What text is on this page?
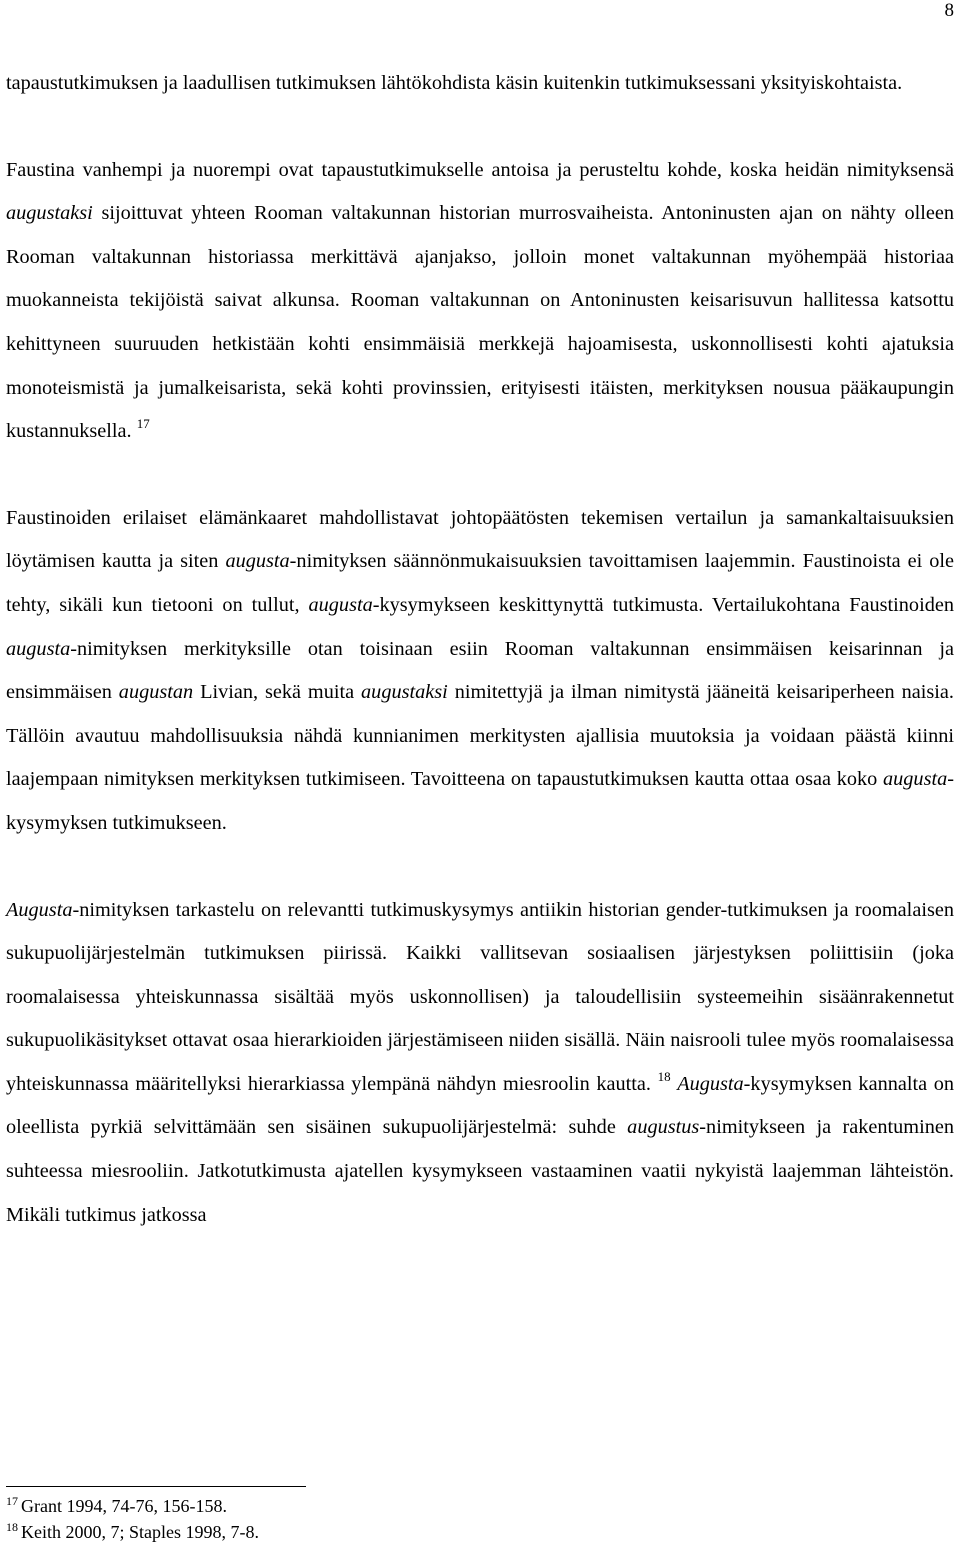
8

tapaustutkimuksen ja laadullisen tutkimuksen lähtökohdista käsin kuitenkin tutkimuksessani yksityiskohtaista.

Faustina vanhempi ja nuorempi ovat tapaustutkimukselle antoisa ja perusteltu kohde, koska heidän nimityksensä augustaksi sijoittuvat yhteen Rooman valtakunnan historian murrosvaiheista. Antoninusten ajan on nähty olleen Rooman valtakunnan historiassa merkittävä ajanjakso, jolloin monet valtakunnan myöhempää historiaa muokanneista tekijöistä saivat alkunsa. Rooman valtakunnan on Antoninusten keisarisuvun hallitessa katsottu kehittyneen suuruuden hetkistään kohti ensimmäisiä merkkejä hajoamisesta, uskonnollisesti kohti ajatuksia monoteismistä ja jumalkeisarista, sekä kohti provinssien, erityisesti itäisten, merkityksen nousua pääkaupungin kustannuksella. $^{17}$

Faustinoiden erilaiset elämänkaaret mahdollistavat johtopäätösten tekemisen vertailun ja samankaltaisuuksien löytämisen kautta ja siten augusta-nimityksen säännönmukaisuuksien tavoittamisen laajemmin. Faustinoista ei ole tehty, sikäli kun tietooni on tullut, augusta-kysymykseen keskittynyttä tutkimusta. Vertailukohtana Faustinoiden augusta-nimityksen merkityksille otan toisinaan esiin Rooman valtakunnan ensimmäisen keisarinnan ja ensimmäisen augustan Livian, sekä muita augustaksi nimitettyjä ja ilman nimitystä jääneitä keisariperheen naisia. Tällöin avautuu mahdollisuuksia nähdä kunnianimen merkitysten ajallisia muutoksia ja voidaan päästä kiinni laajempaan nimityksen merkityksen tutkimiseen. Tavoitteena on tapaustutkimuksen kautta ottaa osaa koko augusta-kysymyksen tutkimukseen.

Augusta-nimityksen tarkastelu on relevantti tutkimuskysymys antiikin historian gender-tutkimuksen ja roomalaisen sukupuolijärjestelmän tutkimuksen piirissä. Kaikki vallitsevan sosiaalisen järjestyksen poliittisiin (joka roomalaisessa yhteiskunnassa sisältää myös uskonnollisen) ja taloudellisiin systeemeihin sisäänrakennetut sukupuolikäsitykset ottavat osaa hierarkioiden järjestämiseen niiden sisällä. Näin naisrooli tulee myös roomalaisessa yhteiskunnassa määritellyksi hierarkiassa ylempänä nähdyn miesroolin kautta. $^{18}$ Augusta-kysymyksen kannalta on oleellista pyrkiä selvittämään sen sisäinen sukupuolijärjestelmä: suhde augustus-nimitykseen ja rakentuminen suhteessa miesrooliin. Jatkotutkimusta ajatellen kysymykseen vastaaminen vaatii nykyistä laajemman lähteistön. Mikäli tutkimus jatkossa

$^{17}$ Grant 1994, 74-76, 156-158.

$^{18}$ Keith 2000, 7; Staples 1998, 7-8.
